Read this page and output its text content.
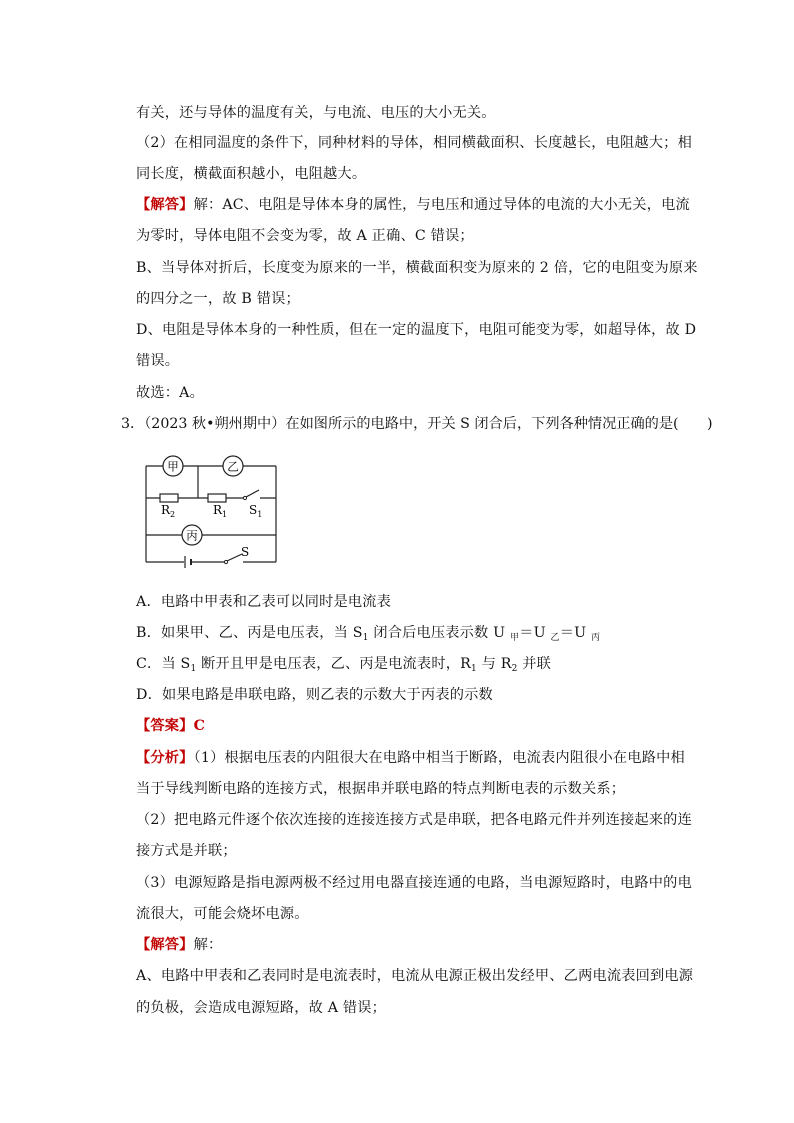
有关，还与导体的温度有关，与电流、电压的大小无关。
（2）在相同温度的条件下，同种材料的导体，相同横截面积、长度越长，电阻越大；相
同长度，横截面积越小，电阻越大。
【解答】解：AC、电阻是导体本身的属性，与电压和通过导体的电流的大小无关，电流
为零时，导体电阻不会变为零，故 A 正确、C 错误；
B、当导体对折后，长度变为原来的一半，横截面积变为原来的 2 倍，它的电阻变为原来
的四分之一，故 B 错误；
D、电阻是导体本身的一种性质，但在一定的温度下，电阻可能变为零，如超导体，故 D
错误。
故选：A。
3．（2023 秋•朔州期中）在如图所示的电路中，开关 S 闭合后，下列各种情况正确的是(　　)
甲	乙
$R_2$	$R_1$ $S_1$
丙
S
A．电路中甲表和乙表可以同时是电流表
B．如果甲、乙、丙是电压表，当 $S_1$ 闭合后电压表示数 U $_甲$＝U $_乙$＝U $_丙$
C．当 $S_1$ 断开且甲是电压表，乙、丙是电流表时，$R_1$ 与 $R_2$ 并联
D．如果电路是串联电路，则乙表的示数大于丙表的示数
【答案】C
【分析】（1）根据电压表的内阻很大在电路中相当于断路，电流表内阻很小在电路中相
当于导线判断电路的连接方式，根据串并联电路的特点判断电表的示数关系；
（2）把电路元件逐个依次连接的连接连接方式是串联，把各电路元件并列连接起来的连
接方式是并联；
（3）电源短路是指电源两极不经过用电器直接连通的电路，当电源短路时，电路中的电
流很大，可能会烧坏电源。
【解答】解：
A、电路中甲表和乙表同时是电流表时，电流从电源正极出发经甲、乙两电流表回到电源
的负极，会造成电源短路，故 A 错误；
